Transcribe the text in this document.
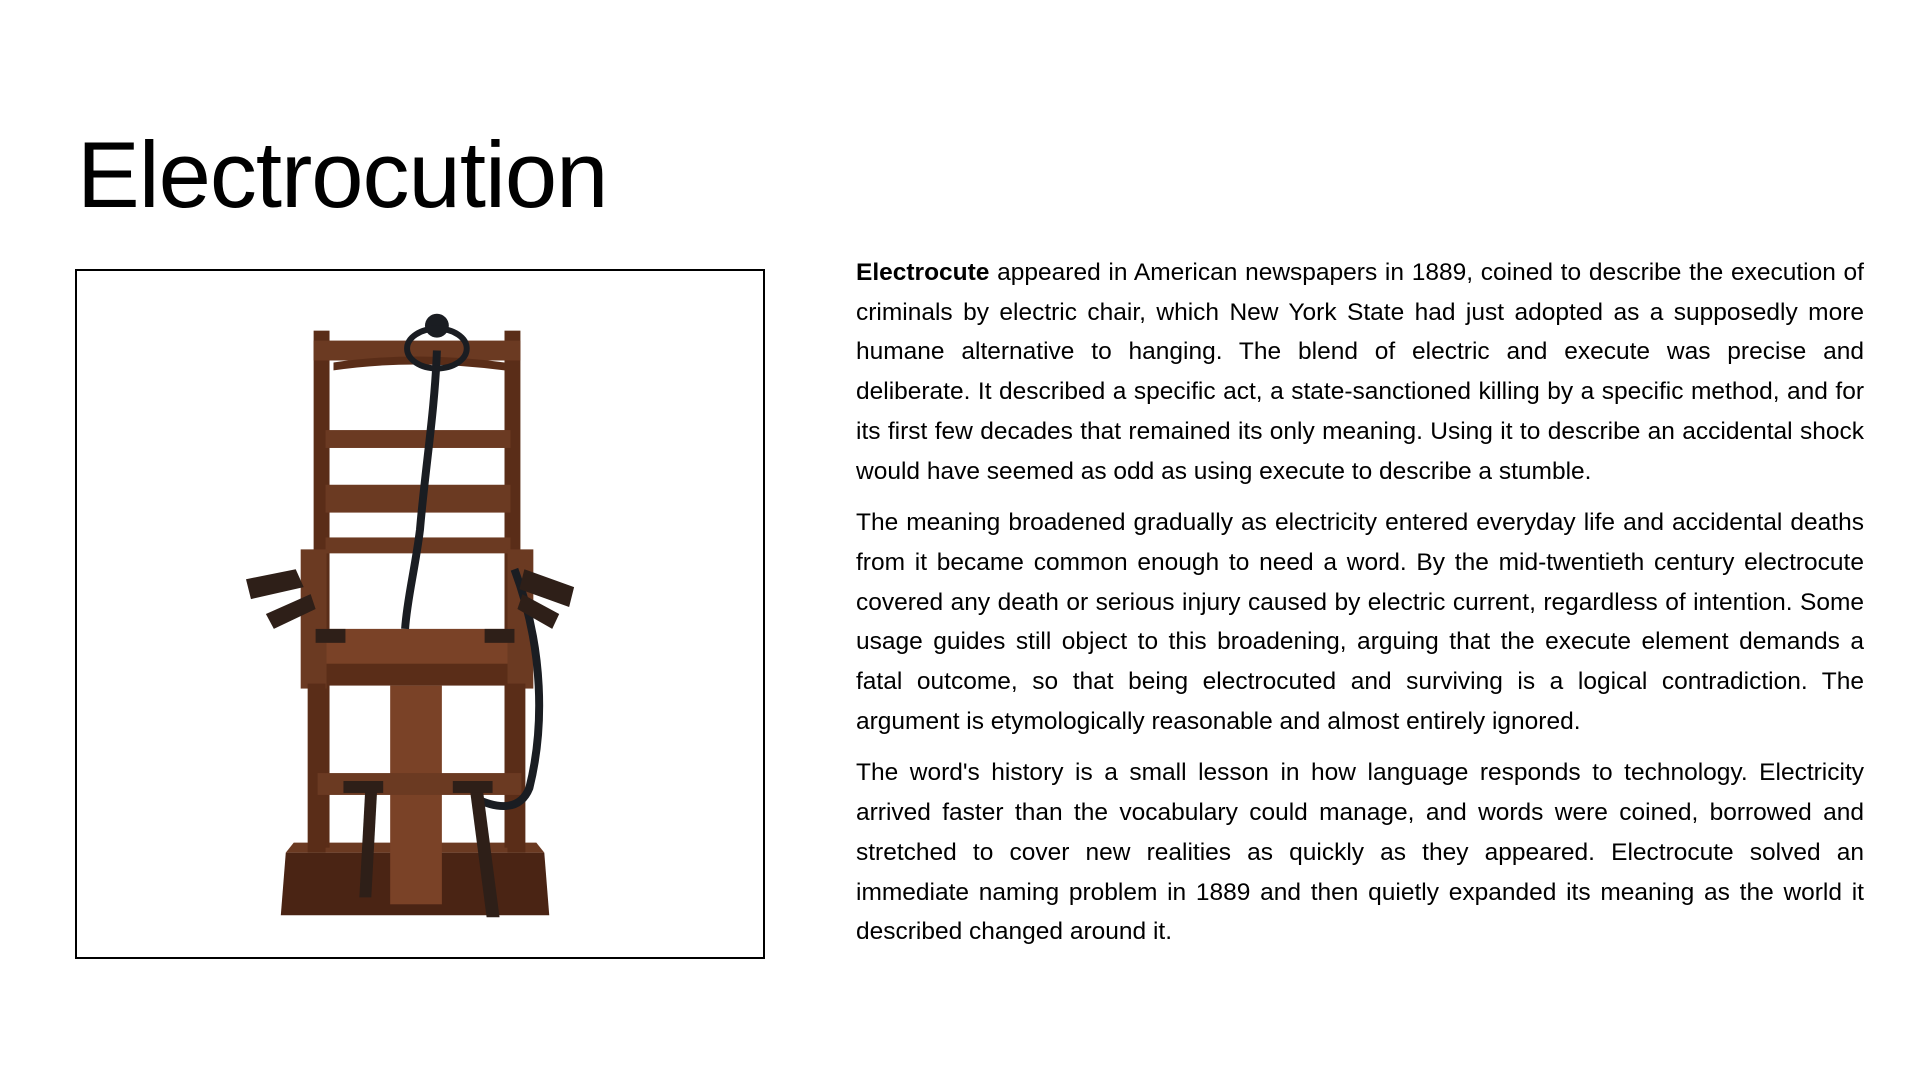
Electrocution

Electrocute appeared in American newspapers in 1889, coined to describe the execution of criminals by electric chair, which New York State had just adopted as a supposedly more humane alternative to hanging. The blend of electric and execute was precise and deliberate. It described a specific act, a state-sanctioned killing by a specific method, and for its first few decades that remained its only meaning. Using it to describe an accidental shock would have seemed as odd as using execute to describe a stumble.

The meaning broadened gradually as electricity entered everyday life and accidental deaths from it became common enough to need a word. By the mid-twentieth century electrocute covered any death or serious injury caused by electric current, regardless of intention. Some usage guides still object to this broadening, arguing that the execute element demands a fatal outcome, so that being electrocuted and surviving is a logical contradiction. The argument is etymologically reasonable and almost entirely ignored.

The word's history is a small lesson in how language responds to technology. Electricity arrived faster than the vocabulary could manage, and words were coined, borrowed and stretched to cover new realities as quickly as they appeared. Electrocute solved an immediate naming problem in 1889 and then quietly expanded its meaning as the world it described changed around it.
